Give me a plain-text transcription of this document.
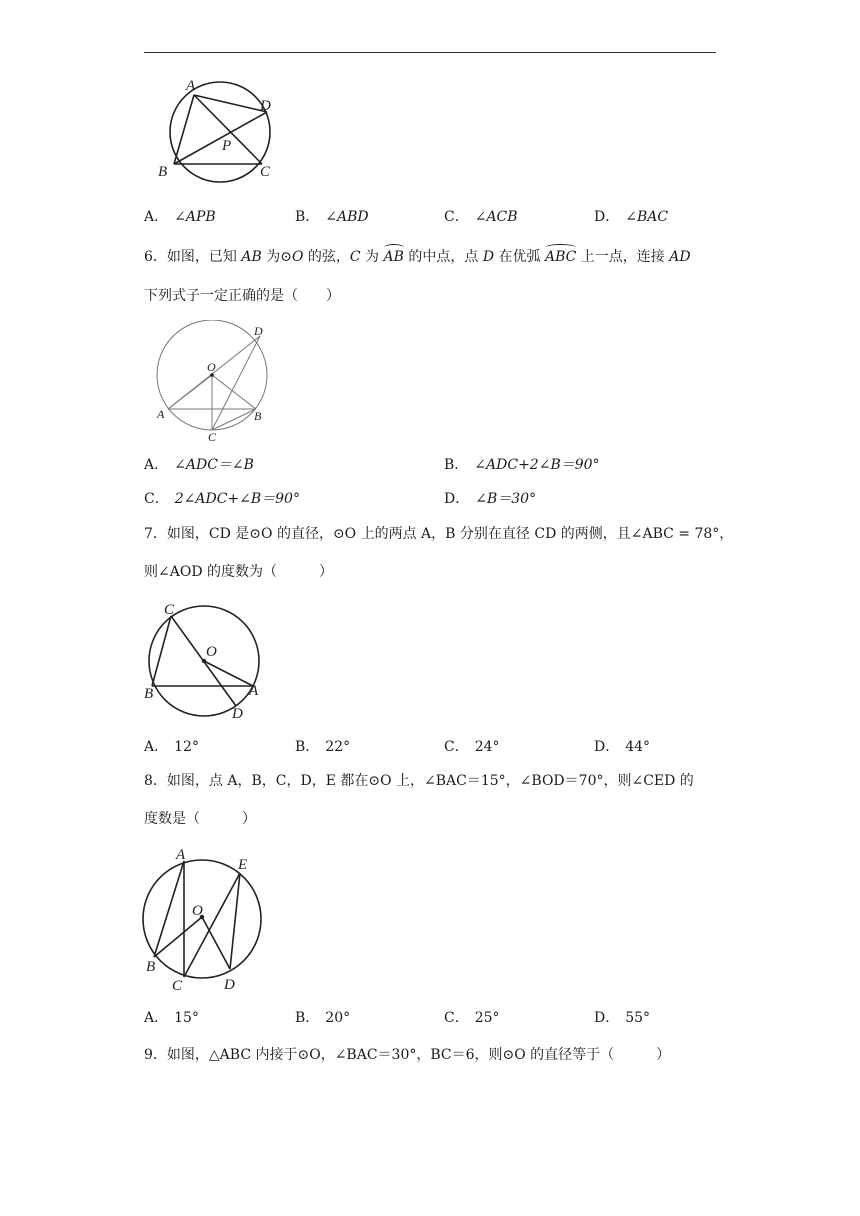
A
B	C
D
P
A． ∠APB	B． ∠ABD	C． ∠ACB	D． ∠BAC
6．如图，已知 AB 为⊙O 的弦，C 为 AB 的中点，点 D 在优弧 ABC 上一点，连接 AD
下列式子一定正确的是（　　）
O
A	B
C
D
A． ∠ADC＝∠B	B． ∠ADC+2∠B＝90°
C． 2∠ADC+∠B＝90°	D． ∠B＝30°
7．如图，CD 是⊙O 的直径，⊙O 上的两点 A，B 分别在直径 CD 的两侧，且∠ABC = 78°，
则∠AOD 的度数为（　　　）
C
O
B	A
D
A． 12°	B． 22°	C． 24°	D． 44°
8．如图，点 A，B，C，D，E 都在⊙O 上，∠BAC＝15°，∠BOD＝70°，则∠CED 的
度数是（　　　）
A
E
O
B
C	D
A． 15°	B． 20°	C． 25°	D． 55°
9．如图，△ABC 内接于⊙O，∠BAC＝30°，BC＝6，则⊙O 的直径等于（　　　）
